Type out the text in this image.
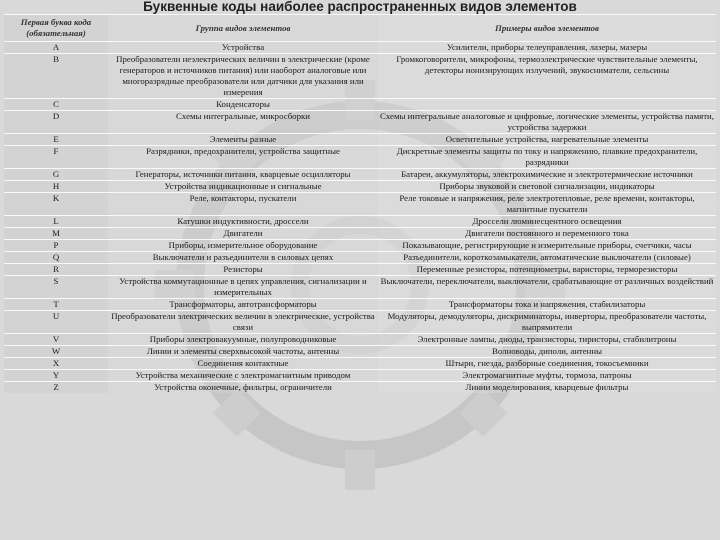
Буквенные коды наиболее распространенных видов элементов
Первая буква кода (обязательная)	Группа видов элементов	Примеры видов элементов
A	Устройства	Усилители, приборы телеуправления, лазеры, мазеры
B	Преобразователи неэлектрических величин в электрические (кроме генераторов и источников питания) или наоборот аналоговые или многоразрядные преобразователи или датчики для указания или измерения	Громкоговорители, микрофоны, термоэлектрические чувствительные элементы, детекторы ионизирующих излучений, звукосниматели, сельсины
C	Конденсаторы	
D	Схемы интегральные, микросборки	Схемы интегральные аналоговые и цифровые, логические элементы, устройства памяти, устройства задержки
E	Элементы разные	Осветительные устройства, нагревательные элементы
F	Разрядники, предохранители, устройства защитные	Дискретные элементы защиты по току и напряжению, плавкие предохранители, разрядники
G	Генераторы, источники питания, кварцевые осцилляторы	Батареи, аккумуляторы, электрохимические и электротермические источники
H	Устройства индикационные и сигнальные	Приборы звуковой и световой сигнализации, индикаторы
K	Реле, контакторы, пускатели	Реле токовые и напряжения, реле электротепловые, реле времени, контакторы, магнитные пускатели
L	Катушки индуктивности, дроссели	Дроссели люминесцентного освещения
M	Двигатели	Двигатели постоянного и переменного тока
P	Приборы, измерительное оборудование	Показывающие, регистрирующие и измерительные приборы, счетчики, часы
Q	Выключатели и разъединители в силовых цепях	Разъединители, короткозамыкатели, автоматические выключатели (силовые)
R	Резисторы	Переменные резисторы, потенциометры, варисторы, терморезисторы
S	Устройства коммутационные в цепях управления, сигнализации и измерительных	Выключатели, переключатели, выключатели, срабатывающие от различных воздействий
T	Трансформаторы, автотрансформаторы	Трансформаторы тока и напряжения, стабилизаторы
U	Преобразователи электрических величин в электрические, устройства связи	Модуляторы, демодуляторы, дискриминаторы, инверторы, преобразователи частоты, выпрямители
V	Приборы электровакуумные, полупроводниковые	Электронные лампы, диоды, транзисторы, тиристоры, стабилитроны
W	Линии и элементы сверхвысокой частоты, антенны	Волноводы, диполи, антенны
X	Соединения контактные	Штыри, гнезда, разборные соединения, токосъемники
Y	Устройства механические с электромагнитным приводом	Электромагнитные муфты, тормоза, патроны
Z	Устройства оконечные, фильтры, ограничители	Линии моделирования, кварцевые фильтры
